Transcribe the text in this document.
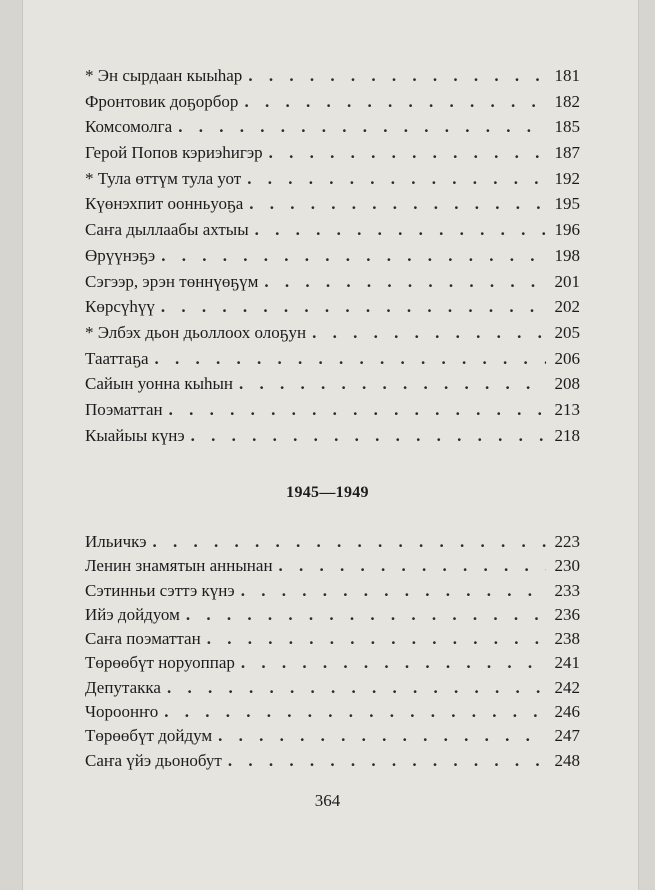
* Эн сырдаан кыыһар . . .	181
Фронтовик доҕорбор . . .	182
Комсомолга . . .	185
Герой Попов кэриэһигэр . . .	187
* Тула өттүм тула уот . . .	192
Күөнэхпит оонньуоҕа . . .	195
Саҥа дыллаабы ахтыы . . .	196
Өрүүнэҕэ . . .	198
Сэгээр, эрэн төннүөҕүм . . .	201
Көрсүһүү . . .	202
* Элбэх дьон дьоллоох олоҕун . . .	205
Тааттаҕа . . .	206
Сайын уонна кыһын . . .	208
Поэматтан . . .	213
Кыайыы күнэ . . .	218
1945—1949
Ильичкэ . . .	223
Ленин знамятын аннынан . . .	230
Сэтинньи сэттэ күнэ . . .	233
Ийэ дойдуом . . .	236
Саҥа поэматтан . . .	238
Төрөөбүт норуоппар . . .	241
Депутакка . . .	242
Чороонҥо . . .	246
Төрөөбүт дойдум . . .	247
Саҥа үйэ дьонобут . . .	248
364
